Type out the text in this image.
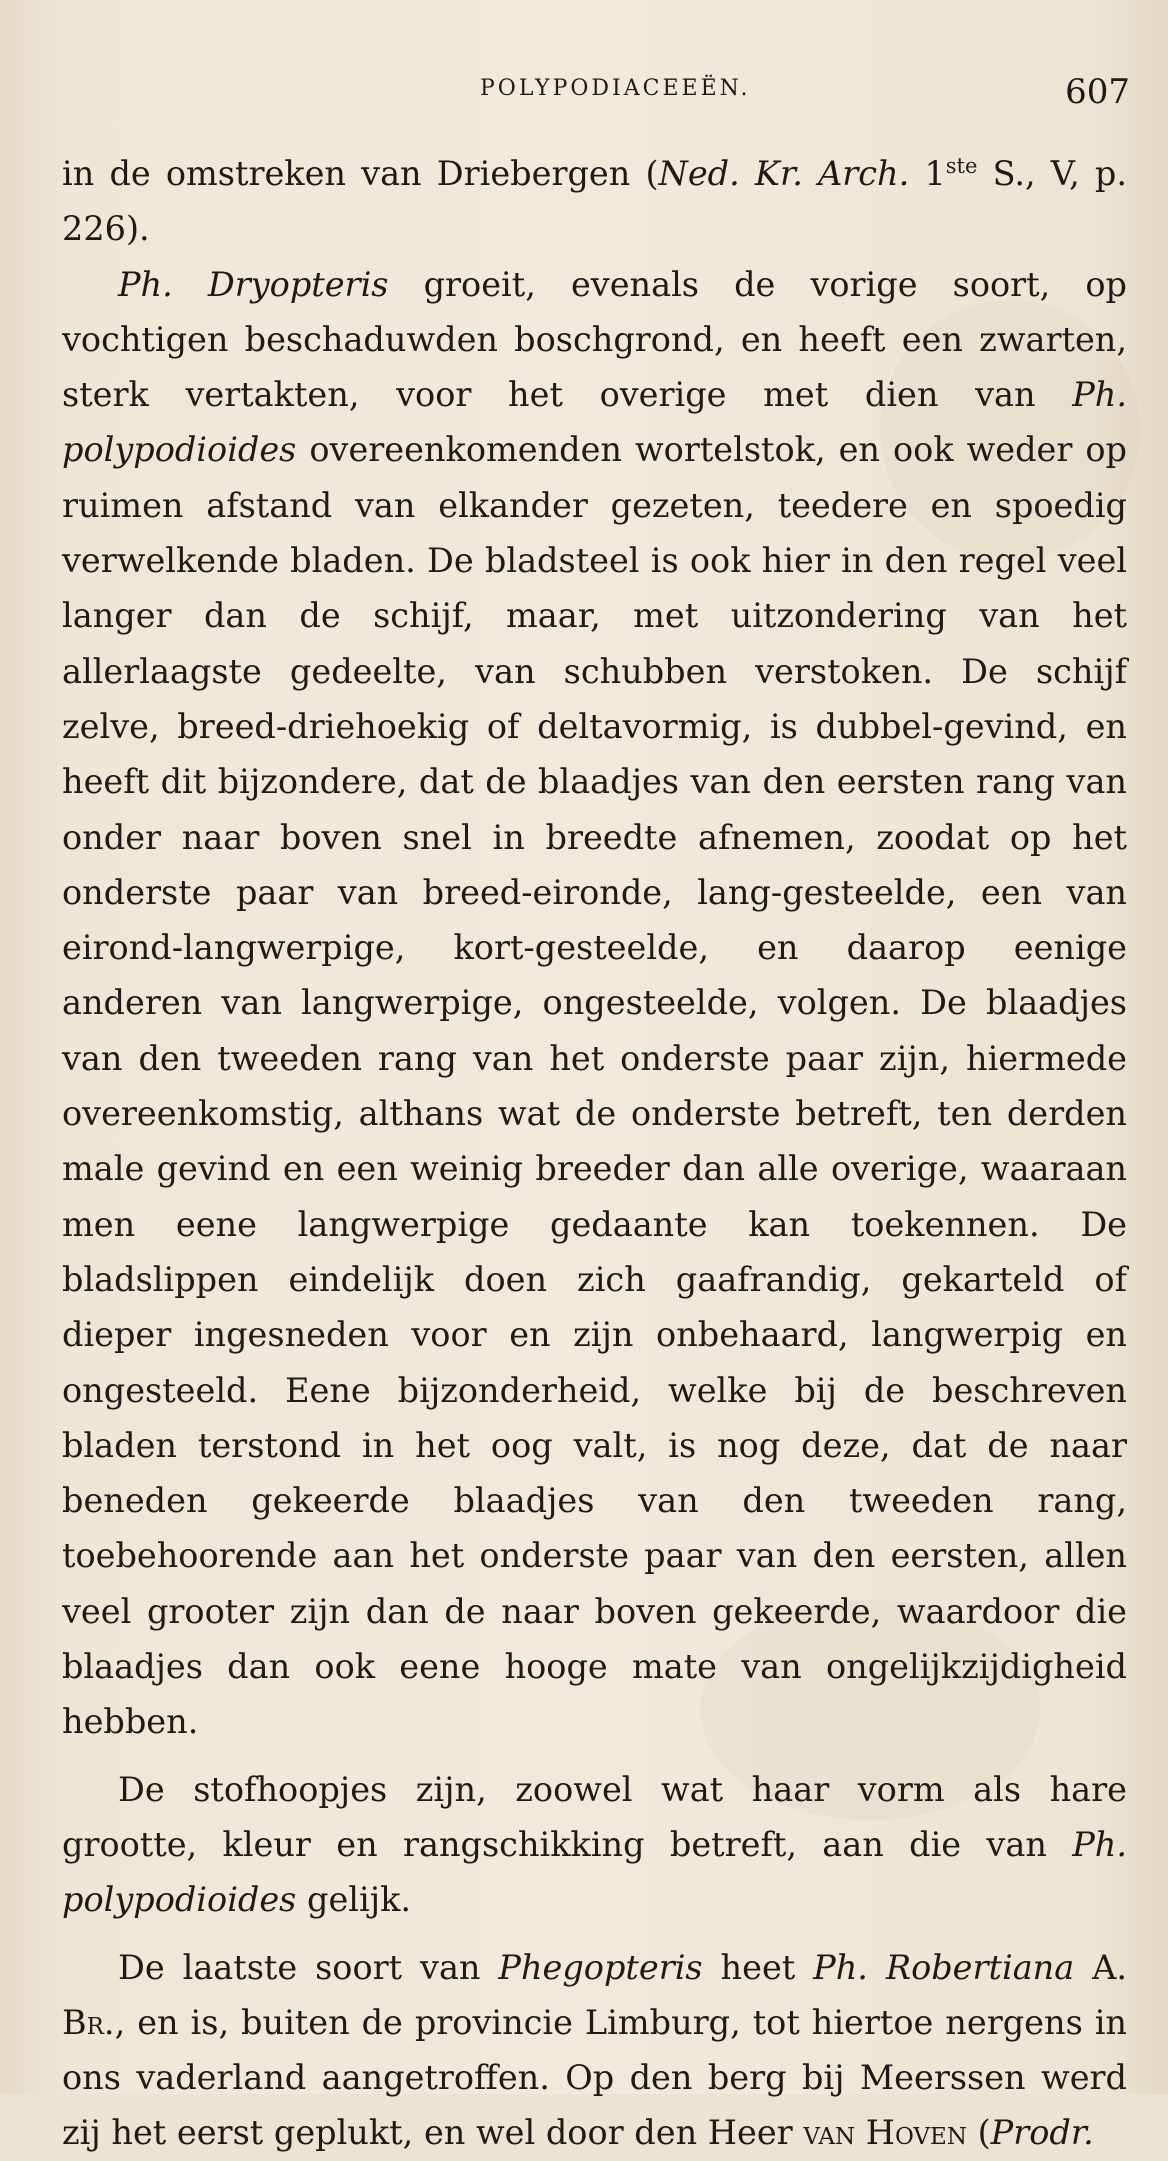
POLYPODIACEEËN.	607

in de omstreken van Driebergen (Ned. Kr. Arch. 1ste S., V, p. 226).

Ph. Dryopteris groeit, evenals de vorige soort, op vochtigen beschaduwden boschgrond, en heeft een zwarten, sterk vertakten, voor het overige met dien van Ph. polypodioides overeenkomenden wortelstok, en ook weder op ruimen afstand van elkander gezeten, teedere en spoedig verwelkende bladen. De bladsteel is ook hier in den regel veel langer dan de schijf, maar, met uitzondering van het allerlaagste gedeelte, van schubben verstoken. De schijf zelve, breed-driehoekig of deltavormig, is dubbel-gevind, en heeft dit bijzondere, dat de blaadjes van den eersten rang van onder naar boven snel in breedte afnemen, zoodat op het onderste paar van breed-eironde, lang-gesteelde, een van eirond-langwerpige, kort-gesteelde, en daarop eenige anderen van langwerpige, ongesteelde, volgen. De blaadjes van den tweeden rang van het onderste paar zijn, hiermede overeenkomstig, althans wat de onderste betreft, ten derden male gevind en een weinig breeder dan alle overige, waaraan men eene langwerpige gedaante kan toekennen. De bladslippen eindelijk doen zich gaafrandig, gekarteld of dieper ingesneden voor en zijn onbehaard, langwerpig en ongesteeld. Eene bijzonderheid, welke bij de beschreven bladen terstond in het oog valt, is nog deze, dat de naar beneden gekeerde blaadjes van den tweeden rang, toebehoorende aan het onderste paar van den eersten, allen veel grooter zijn dan de naar boven gekeerde, waardoor die blaadjes dan ook eene hooge mate van ongelijkzijdigheid hebben.

De stofhoopjes zijn, zoowel wat haar vorm als hare grootte, kleur en rangschikking betreft, aan die van Ph. polypodioides gelijk.

De laatste soort van Phegopteris heet Ph. Robertiana A. Br., en is, buiten de provincie Limburg, tot hiertoe nergens in ons vaderland aangetroffen. Op den berg bij Meerssen werd zij het eerst geplukt, en wel door den Heer van Hoven (Prodr.
